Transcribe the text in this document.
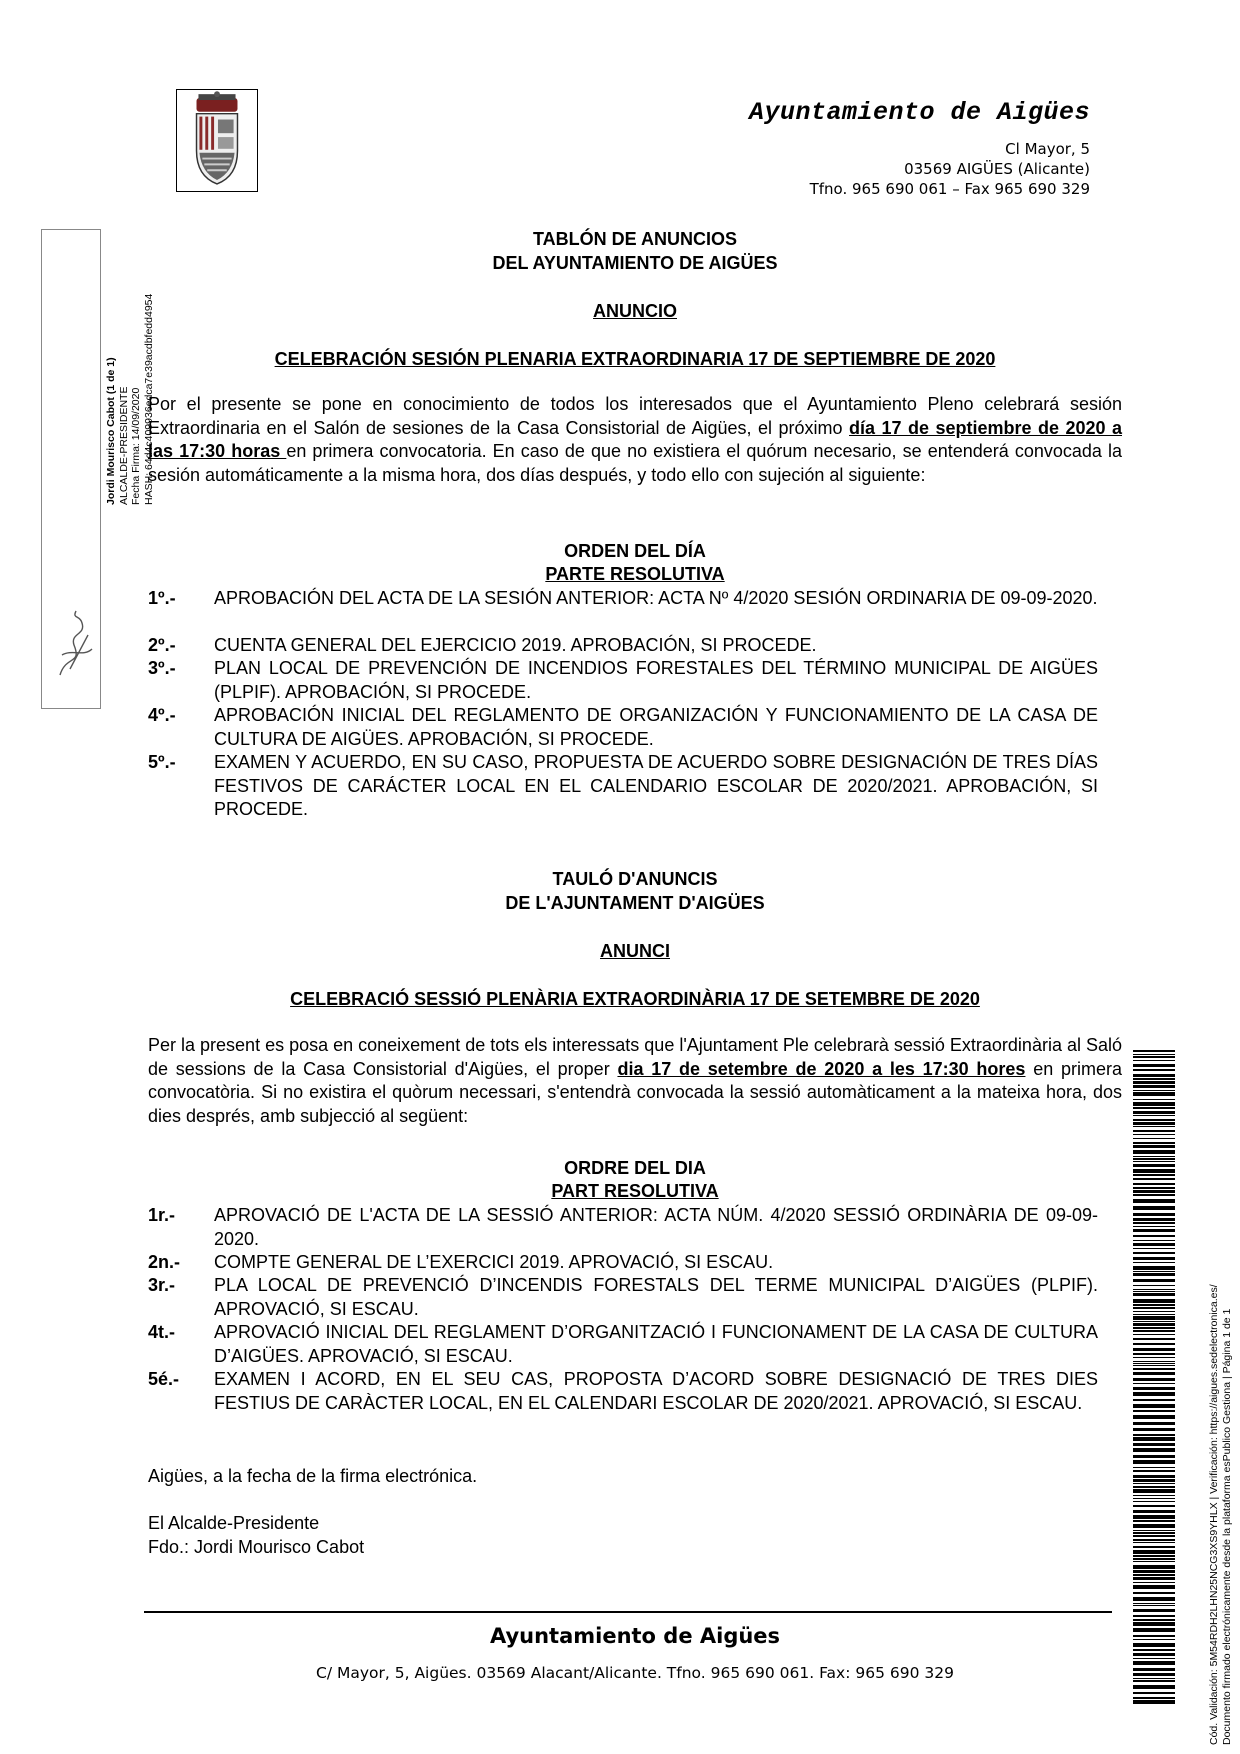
Ayuntamiento de Aigües
Cl Mayor, 5
03569 AIGÜES (Alicante)
Tfno. 965 690 061 – Fax 965 690 329
Jordi Mourisco Cabot (1 de 1) ALCALDE-PRESIDENTE Fecha Firma: 14/09/2020 HASH: 64d4c409936edca7e39acdbfedd4954
TABLÓN DE ANUNCIOS
DEL AYUNTAMIENTO DE AIGÜES
ANUNCIO
CELEBRACIÓN SESIÓN PLENARIA EXTRAORDINARIA 17 DE SEPTIEMBRE DE 2020
Por el presente se pone en conocimiento de todos los interesados que el Ayuntamiento Pleno celebrará sesión Extraordinaria en el Salón de sesiones de la Casa Consistorial de Aigües, el próximo día 17 de septiembre de 2020 a las 17:30 horas en primera convocatoria. En caso de que no existiera el quórum necesario, se entenderá convocada la sesión automáticamente a la misma hora, dos días después, y todo ello con sujeción al siguiente:
ORDEN DEL DÍA
PARTE RESOLUTIVA
1º.-	APROBACIÓN DEL ACTA DE LA SESIÓN ANTERIOR: ACTA Nº 4/2020 SESIÓN ORDINARIA DE 09-09-2020.
2º.-	CUENTA GENERAL DEL EJERCICIO 2019. APROBACIÓN, SI PROCEDE.
3º.-	PLAN LOCAL DE PREVENCIÓN DE INCENDIOS FORESTALES DEL TÉRMINO MUNICIPAL DE AIGÜES (PLPIF). APROBACIÓN, SI PROCEDE.
4º.-	APROBACIÓN INICIAL DEL REGLAMENTO DE ORGANIZACIÓN Y FUNCIONAMIENTO DE LA CASA DE CULTURA DE AIGÜES. APROBACIÓN, SI PROCEDE.
5º.-	EXAMEN Y ACUERDO, EN SU CASO, PROPUESTA DE ACUERDO SOBRE DESIGNACIÓN DE TRES DÍAS FESTIVOS DE CARÁCTER LOCAL EN EL CALENDARIO ESCOLAR DE 2020/2021. APROBACIÓN, SI PROCEDE.
TAULÓ D'ANUNCIS
DE L'AJUNTAMENT D'AIGÜES
ANUNCI
CELEBRACIÓ SESSIÓ PLENÀRIA EXTRAORDINÀRIA 17 DE SETEMBRE DE 2020
Per la present es posa en coneixement de tots els interessats que l'Ajuntament Ple celebrarà sessió Extraordinària al Saló de sessions de la Casa Consistorial d'Aigües, el proper dia 17 de setembre de 2020 a les 17:30 hores en primera convocatòria. Si no existira el quòrum necessari, s'entendrà convocada la sessió automàticament a la mateixa hora, dos dies després, amb subjecció al següent:
ORDRE DEL DIA
PART RESOLUTIVA
1r.-	APROVACIÓ DE L'ACTA DE LA SESSIÓ ANTERIOR: ACTA NÚM. 4/2020 SESSIÓ ORDINÀRIA DE 09-09-2020.
2n.-	COMPTE GENERAL DE L’EXERCICI 2019. APROVACIÓ, SI ESCAU.
3r.-	PLA LOCAL DE PREVENCIÓ D’INCENDIS FORESTALS DEL TERME MUNICIPAL D’AIGÜES (PLPIF). APROVACIÓ, SI ESCAU.
4t.-	APROVACIÓ INICIAL DEL REGLAMENT D’ORGANITZACIÓ I FUNCIONAMENT DE LA CASA DE CULTURA D’AIGÜES. APROVACIÓ, SI ESCAU.
5é.-	EXAMEN I ACORD, EN EL SEU CAS, PROPOSTA D’ACORD SOBRE DESIGNACIÓ DE TRES DIES FESTIUS DE CARÀCTER LOCAL, EN EL CALENDARI ESCOLAR DE 2020/2021. APROVACIÓ, SI ESCAU.
Aigües, a la fecha de la firma electrónica.
El Alcalde-Presidente
Fdo.: Jordi Mourisco Cabot
Ayuntamiento de Aigües
C/ Mayor, 5, Aigües. 03569 Alacant/Alicante. Tfno. 965 690 061. Fax: 965 690 329	Cód. Validación: 5M54RDH2LHN25NCG3XS9YHLX | Verificación: https://aigues.sedelectronica.es/ Documento firmado electrónicamente desde la plataforma esPublico Gestiona | Página 1 de 1
